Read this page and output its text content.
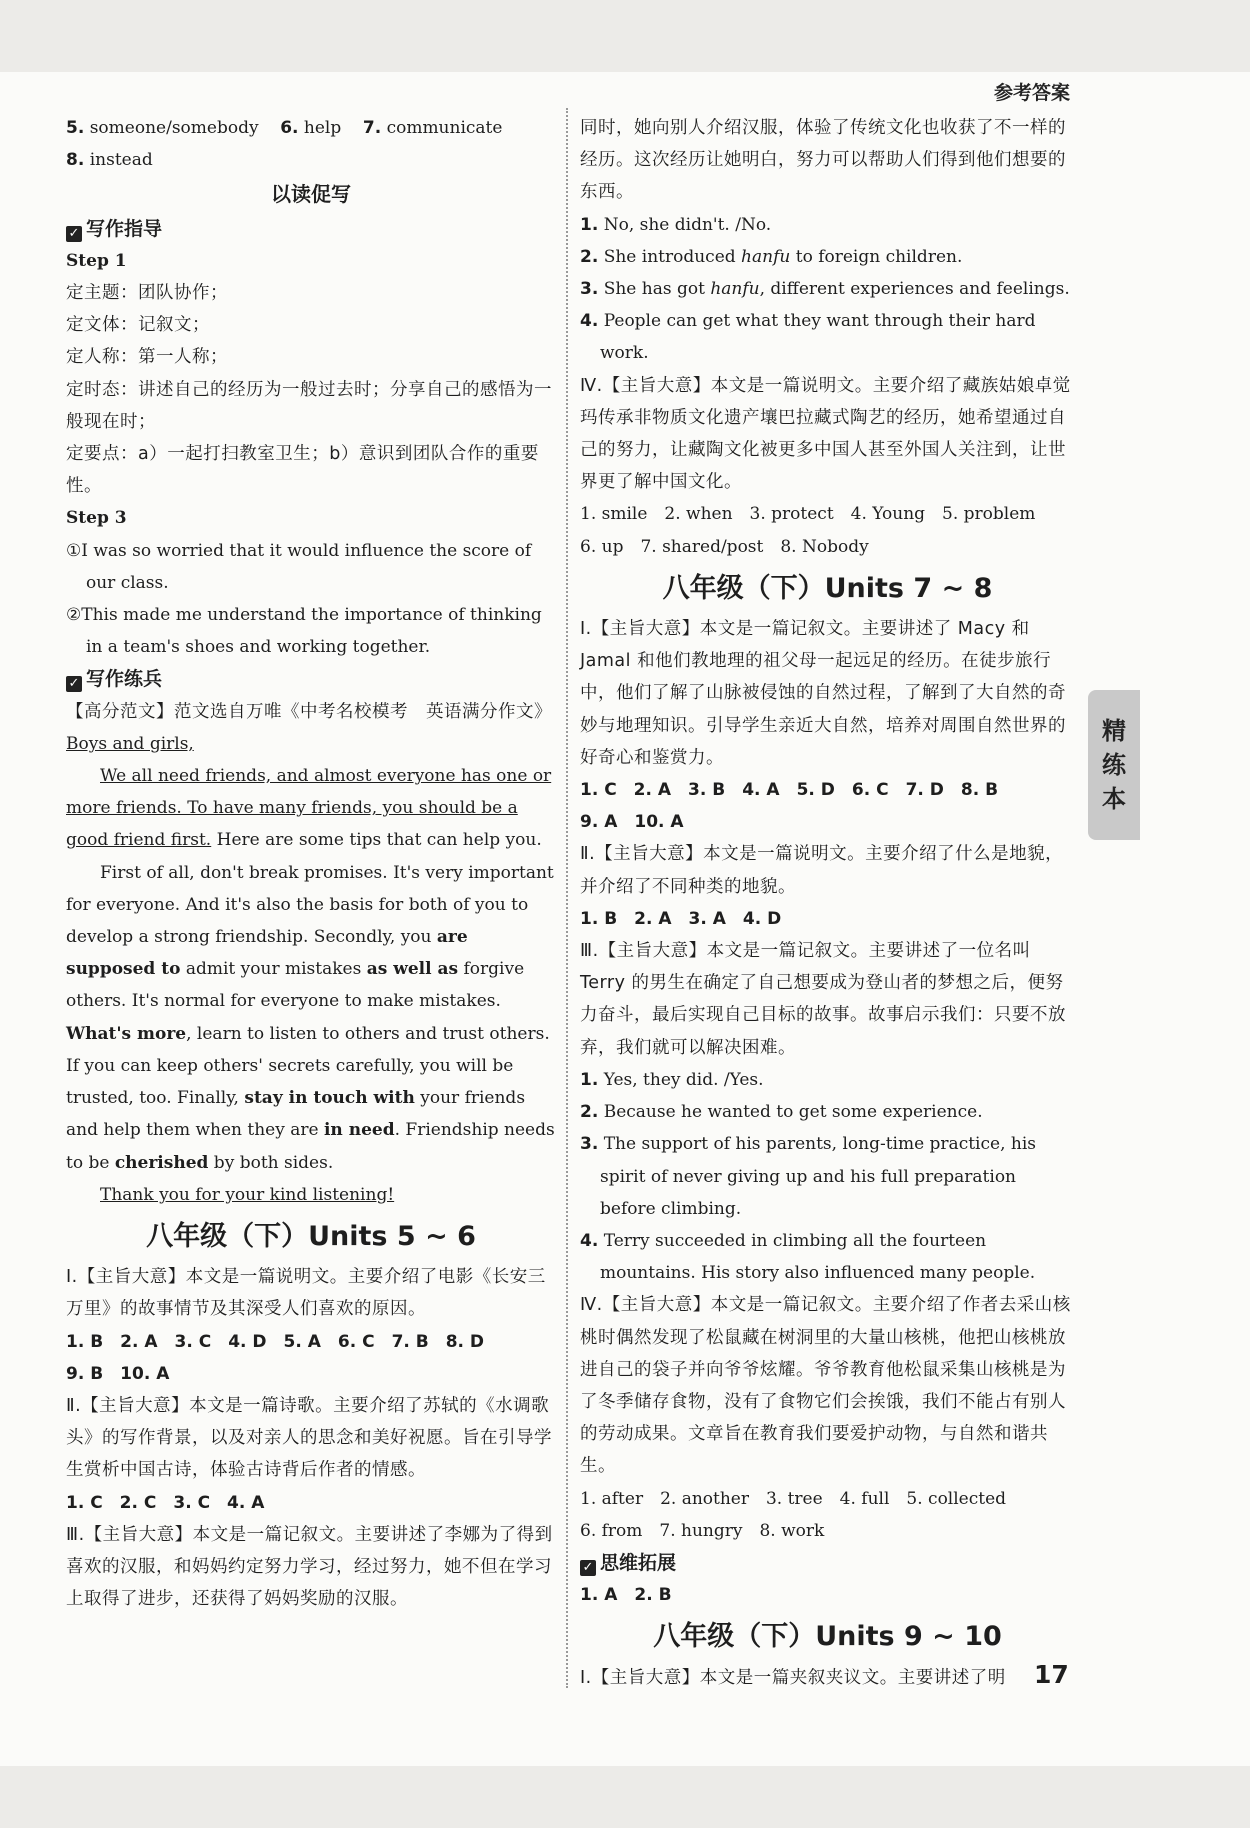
参考答案

5. someone/somebody 6. help 7. communicate

8. instead

以读促写

✓ 写作指导

Step 1

定主题：团队协作；

定文体：记叙文；

定人称：第一人称；

定时态：讲述自己的经历为一般过去时；分享自己的感悟为一般现在时；

定要点：a）一起打扫教室卫生；b）意识到团队合作的重要性。

Step 3

①I was so worried that it would influence the score of our class.

②This made me understand the importance of thinking in a team's shoes and working together.

✓ 写作练兵

【高分范文】范文选自万唯《中考名校模考　英语满分作文》

Boys and girls,

We all need friends, and almost everyone has one or more friends. To have many friends, you should be a good friend first. Here are some tips that can help you.

First of all, don't break promises. It's very important for everyone. And it's also the basis for both of you to develop a strong friendship. Secondly, you are supposed to admit your mistakes as well as forgive others. It's normal for everyone to make mistakes. What's more, learn to listen to others and trust others. If you can keep others' secrets carefully, you will be trusted, too. Finally, stay in touch with your friends and help them when they are in need. Friendship needs to be cherished by both sides.

Thank you for your kind listening!

八年级（下）Units 5 ~ 6

Ⅰ.【主旨大意】本文是一篇说明文。主要介绍了电影《长安三万里》的故事情节及其深受人们喜欢的原因。

1. B　2. A　3. C　4. D　5. A　6. C　7. B　8. D

9. B　10. A

Ⅱ.【主旨大意】本文是一篇诗歌。主要介绍了苏轼的《水调歌头》的写作背景，以及对亲人的思念和美好祝愿。旨在引导学生赏析中国古诗，体验古诗背后作者的情感。

1. C　2. C　3. C　4. A

Ⅲ.【主旨大意】本文是一篇记叙文。主要讲述了李娜为了得到喜欢的汉服，和妈妈约定努力学习，经过努力，她不但在学习上取得了进步，还获得了妈妈奖励的汉服。

同时，她向别人介绍汉服，体验了传统文化也收获了不一样的经历。这次经历让她明白，努力可以帮助人们得到他们想要的东西。

1. No, she didn't. /No.

2. She introduced hanfu to foreign children.

3. She has got hanfu, different experiences and feelings.

4. People can get what they want through their hard work.

Ⅳ.【主旨大意】本文是一篇说明文。主要介绍了藏族姑娘卓觉玛传承非物质文化遗产壤巴拉藏式陶艺的经历，她希望通过自己的努力，让藏陶文化被更多中国人甚至外国人关注到，让世界更了解中国文化。

1. smile　2. when　3. protect　4. Young　5. problem

6. up　7. shared/post　8. Nobody

八年级（下）Units 7 ~ 8

Ⅰ.【主旨大意】本文是一篇记叙文。主要讲述了 Macy 和 Jamal 和他们教地理的祖父母一起远足的经历。在徒步旅行中，他们了解了山脉被侵蚀的自然过程，了解到了大自然的奇妙与地理知识。引导学生亲近大自然，培养对周围自然世界的好奇心和鉴赏力。

1. C　2. A　3. B　4. A　5. D　6. C　7. D　8. B

9. A　10. A

Ⅱ.【主旨大意】本文是一篇说明文。主要介绍了什么是地貌，并介绍了不同种类的地貌。

1. B　2. A　3. A　4. D

Ⅲ.【主旨大意】本文是一篇记叙文。主要讲述了一位名叫 Terry 的男生在确定了自己想要成为登山者的梦想之后，便努力奋斗，最后实现自己目标的故事。故事启示我们：只要不放弃，我们就可以解决困难。

1. Yes, they did. /Yes.

2. Because he wanted to get some experience.

3. The support of his parents, long-time practice, his spirit of never giving up and his full preparation before climbing.

4. Terry succeeded in climbing all the fourteen mountains. His story also influenced many people.

Ⅳ.【主旨大意】本文是一篇记叙文。主要介绍了作者去采山核桃时偶然发现了松鼠藏在树洞里的大量山核桃，他把山核桃放进自己的袋子并向爷爷炫耀。爷爷教育他松鼠采集山核桃是为了冬季储存食物，没有了食物它们会挨饿，我们不能占有别人的劳动成果。文章旨在教育我们要爱护动物，与自然和谐共生。

1. after　2. another　3. tree　4. full　5. collected

6. from　7. hungry　8. work

✓ 思维拓展

1. A　2. B

八年级（下）Units 9 ~ 10

Ⅰ.【主旨大意】本文是一篇夹叙夹议文。主要讲述了明

精
练
本
17
